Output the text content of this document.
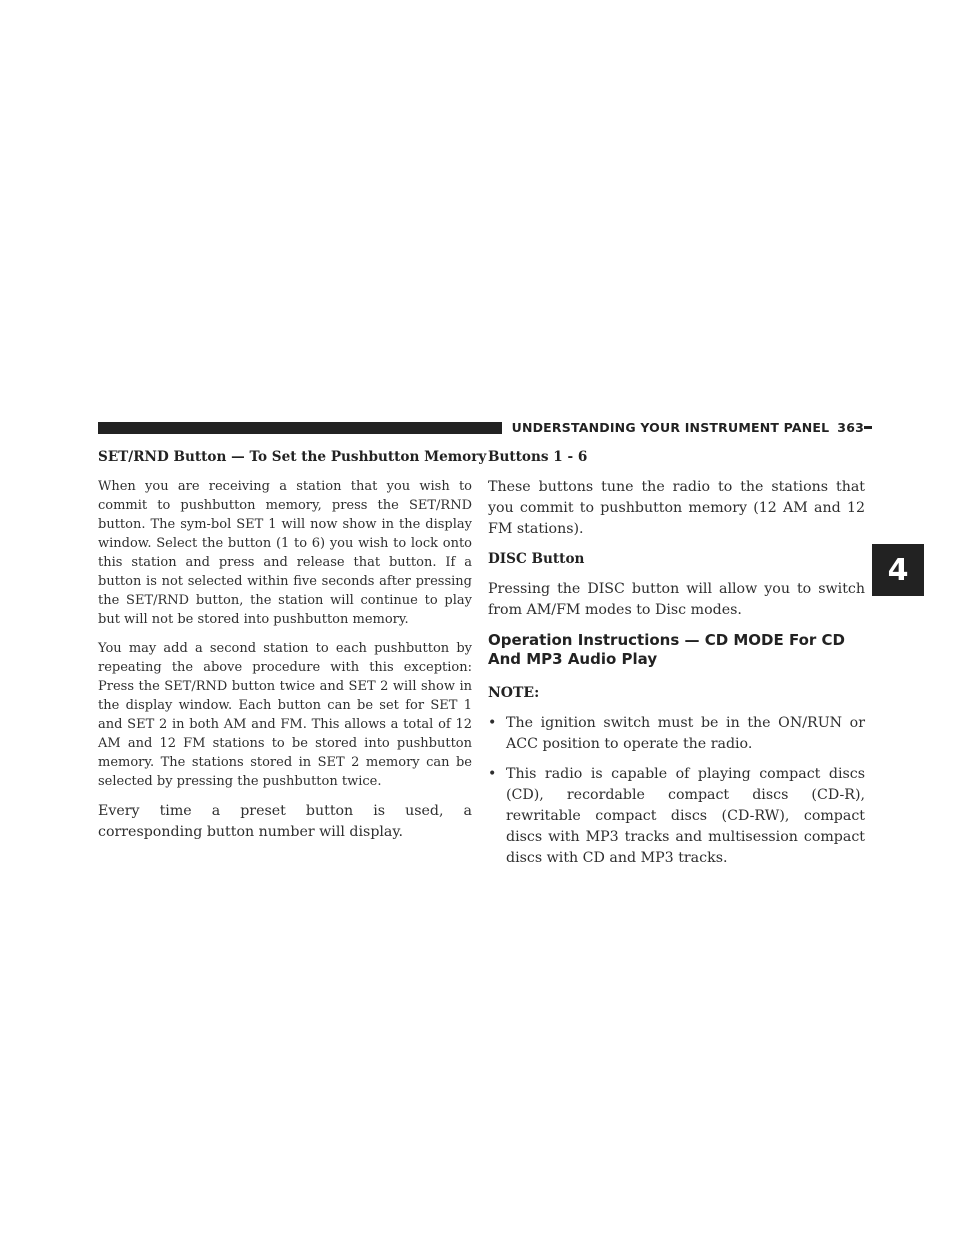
UNDERSTANDING YOUR INSTRUMENT PANEL 363
4
SET/RND Button — To Set the Pushbutton Memory

When you are receiving a station that you wish to commit to pushbutton memory, press the SET/RND button. The sym-bol SET 1 will now show in the display window. Select the button (1 to 6) you wish to lock onto this station and press and release that button. If a button is not selected within five seconds after pressing the SET/RND button, the station will continue to play but will not be stored into pushbutton memory.

You may add a second station to each pushbutton by repeating the above procedure with this exception: Press the SET/RND button twice and SET 2 will show in the display window. Each button can be set for SET 1 and SET 2 in both AM and FM. This allows a total of 12 AM and 12 FM stations to be stored into pushbutton memory. The stations stored in SET 2 memory can be selected by pressing the pushbutton twice.

Every time a preset button is used, a corresponding button number will display.

Buttons 1 - 6

These buttons tune the radio to the stations that you commit to pushbutton memory (12 AM and 12 FM stations).

DISC Button

Pressing the DISC button will allow you to switch from AM/FM modes to Disc modes.

Operation Instructions — CD MODE For CD And MP3 Audio Play
NOTE:
• The ignition switch must be in the ON/RUN or ACC position to operate the radio.
• This radio is capable of playing compact discs (CD), recordable compact discs (CD-R), rewritable compact discs (CD-RW), compact discs with MP3 tracks and multisession compact discs with CD and MP3 tracks.
